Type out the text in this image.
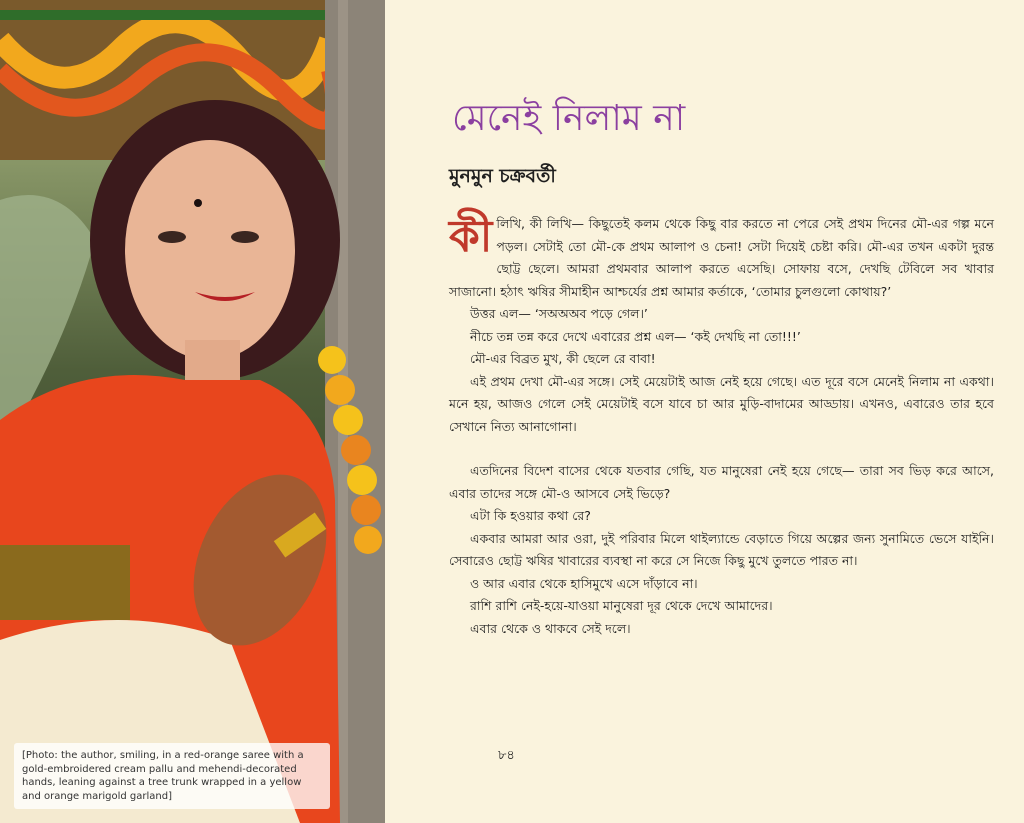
[Photo: the author, smiling, in a red-orange saree with a gold-embroidered cream pallu and mehendi-decorated hands, leaning against a tree trunk wrapped in a yellow and orange marigold garland]
মেনেই নিলাম না
মুনমুন চক্রবর্তী

কী লিখি, কী লিখি— কিছুতেই কলম থেকে কিছু বার করতে না পেরে সেই প্রথম দিনের মৌ-এর গল্প মনে পড়ল। সেটাই তো মৌ-কে প্রথম আলাপ ও চেনা! সেটা দিয়েই চেষ্টা করি। মৌ-এর তখন একটা দুরন্ত ছোট্ট ছেলে। আমরা প্রথমবার আলাপ করতে এসেছি। সোফায় বসে, দেখছি টেবিলে সব খাবার সাজানো। হঠাৎ ঋষির সীমাহীন আশ্চর্যের প্রশ্ন আমার কর্তাকে, ‘তোমার চুলগুলো কোথায়?’

উত্তর এল— ‘সঅঅঅব পড়ে গেল।’

নীচে তন্ন তন্ন করে দেখে এবারের প্রশ্ন এল— ‘কই দেখছি না তো!!!’

মৌ-এর বিব্রত মুখ, কী ছেলে রে বাবা!

এই প্রথম দেখা মৌ-এর সঙ্গে। সেই মেয়েটাই আজ নেই হয়ে গেছে। এত দূরে বসে মেনেই নিলাম না একথা। মনে হয়, আজও গেলে সেই মেয়েটাই বসে যাবে চা আর মুড়ি-বাদামের আড্ডায়। এখনও, এবারেও তার হবে সেখানে নিত্য আনাগোনা।

এতদিনের বিদেশ বাসের থেকে যতবার গেছি, যত মানুষেরা নেই হয়ে গেছে— তারা সব ভিড় করে আসে, এবার তাদের সঙ্গে মৌ-ও আসবে সেই ভিড়ে?

এটা কি হওয়ার কথা রে?

একবার আমরা আর ওরা, দুই পরিবার মিলে থাইল্যান্ডে বেড়াতে গিয়ে অল্পের জন্য সুনামিতে ভেসে যাইনি। সেবারেও ছোট্ট ঋষির খাবারের ব্যবস্থা না করে সে নিজে কিছু মুখে তুলতে পারত না।

ও আর এবার থেকে হাসিমুখে এসে দাঁড়াবে না।

রাশি রাশি নেই-হয়ে-যাওয়া মানুষেরা দূর থেকে দেখে আমাদের।

এবার থেকে ও থাকবে সেই দলে।

৮৪
